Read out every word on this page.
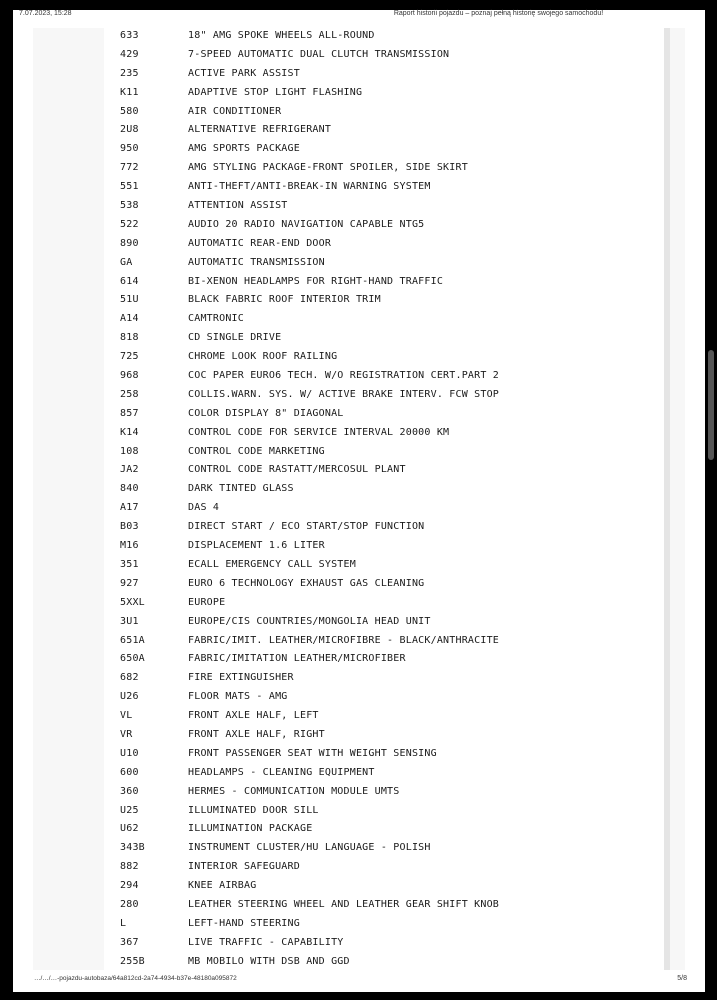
7.07.2023, 15:28	Raport historii pojazdu – poznaj pełną historię swojego samochodu!
633	18" AMG SPOKE WHEELS ALL-ROUND
429	7-SPEED AUTOMATIC DUAL CLUTCH TRANSMISSION
235	ACTIVE PARK ASSIST
K11	ADAPTIVE STOP LIGHT FLASHING
580	AIR CONDITIONER
2U8	ALTERNATIVE REFRIGERANT
950	AMG SPORTS PACKAGE
772	AMG STYLING PACKAGE-FRONT SPOILER, SIDE SKIRT
551	ANTI-THEFT/ANTI-BREAK-IN WARNING SYSTEM
538	ATTENTION ASSIST
522	AUDIO 20 RADIO NAVIGATION CAPABLE NTG5
890	AUTOMATIC REAR-END DOOR
GA	AUTOMATIC TRANSMISSION
614	BI-XENON HEADLAMPS FOR RIGHT-HAND TRAFFIC
51U	BLACK FABRIC ROOF INTERIOR TRIM
A14	CAMTRONIC
818	CD SINGLE DRIVE
725	CHROME LOOK ROOF RAILING
968	COC PAPER EURO6 TECH. W/O REGISTRATION CERT.PART 2
258	COLLIS.WARN. SYS. W/ ACTIVE BRAKE INTERV. FCW STOP
857	COLOR DISPLAY 8" DIAGONAL
K14	CONTROL CODE FOR SERVICE INTERVAL 20000 KM
108	CONTROL CODE MARKETING
JA2	CONTROL CODE RASTATT/MERCOSUL PLANT
840	DARK TINTED GLASS
A17	DAS 4
B03	DIRECT START / ECO START/STOP FUNCTION
M16	DISPLACEMENT 1.6 LITER
351	ECALL EMERGENCY CALL SYSTEM
927	EURO 6 TECHNOLOGY EXHAUST GAS CLEANING
5XXL	EUROPE
3U1	EUROPE/CIS COUNTRIES/MONGOLIA HEAD UNIT
651A	FABRIC/IMIT. LEATHER/MICROFIBRE - BLACK/ANTHRACITE
650A	FABRIC/IMITATION LEATHER/MICROFIBER
682	FIRE EXTINGUISHER
U26	FLOOR MATS - AMG
VL	FRONT AXLE HALF, LEFT
VR	FRONT AXLE HALF, RIGHT
U10	FRONT PASSENGER SEAT WITH WEIGHT SENSING
600	HEADLAMPS - CLEANING EQUIPMENT
360	HERMES - COMMUNICATION MODULE UMTS
U25	ILLUMINATED DOOR SILL
U62	ILLUMINATION PACKAGE
343B	INSTRUMENT CLUSTER/HU LANGUAGE - POLISH
882	INTERIOR SAFEGUARD
294	KNEE AIRBAG
280	LEATHER STEERING WHEEL AND LEATHER GEAR SHIFT KNOB
L	LEFT-HAND STEERING
367	LIVE TRAFFIC - CAPABILITY
255B	MB MOBILO WITH DSB AND GGD
…/…/…-pojazdu-autobaza/64a812cd-2a74-4934-b37e-48180a095872	5/8
